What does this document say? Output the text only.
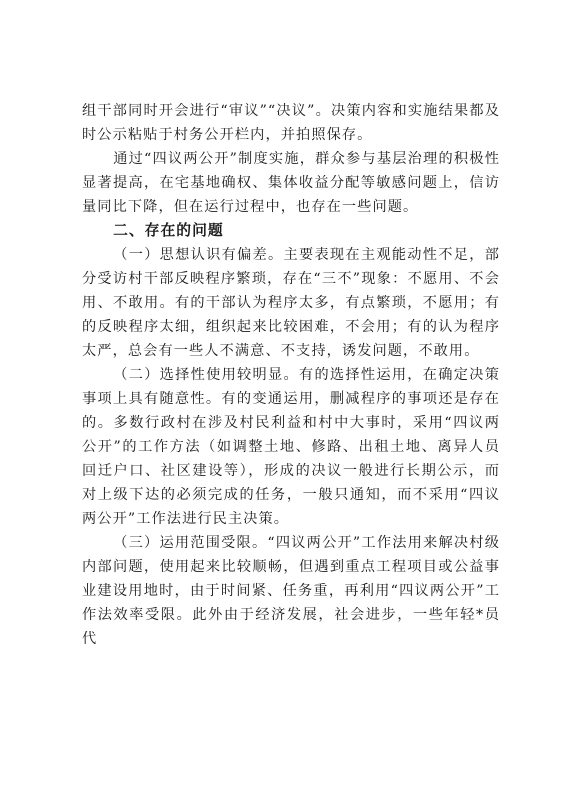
组干部同时开会进行“审议”“决议”。决策内容和实施结果都及时公示粘贴于村务公开栏内，并拍照保存。

通过“四议两公开”制度实施，群众参与基层治理的积极性显著提高，在宅基地确权、集体收益分配等敏感问题上，信访量同比下降，但在运行过程中，也存在一些问题。

二、存在的问题

（一）思想认识有偏差。主要表现在主观能动性不足，部分受访村干部反映程序繁琐，存在“三不”现象：不愿用、不会用、不敢用。有的干部认为程序太多，有点繁琐，不愿用；有的反映程序太细，组织起来比较困难，不会用；有的认为程序太严，总会有一些人不满意、不支持，诱发问题，不敢用。

（二）选择性使用较明显。有的选择性运用，在确定决策事项上具有随意性。有的变通运用，删减程序的事项还是存在的。多数行政村在涉及村民利益和村中大事时，采用“四议两公开”的工作方法（如调整土地、修路、出租土地、离异人员回迁户口、社区建设等），形成的决议一般进行长期公示，而对上级下达的必须完成的任务，一般只通知，而不采用“四议两公开”工作法进行民主决策。

（三）运用范围受限。“四议两公开”工作法用来解决村级内部问题，使用起来比较顺畅，但遇到重点工程项目或公益事业建设用地时，由于时间紧、任务重，再利用“四议两公开”工作法效率受限。此外由于经济发展，社会进步，一些年轻*员代
